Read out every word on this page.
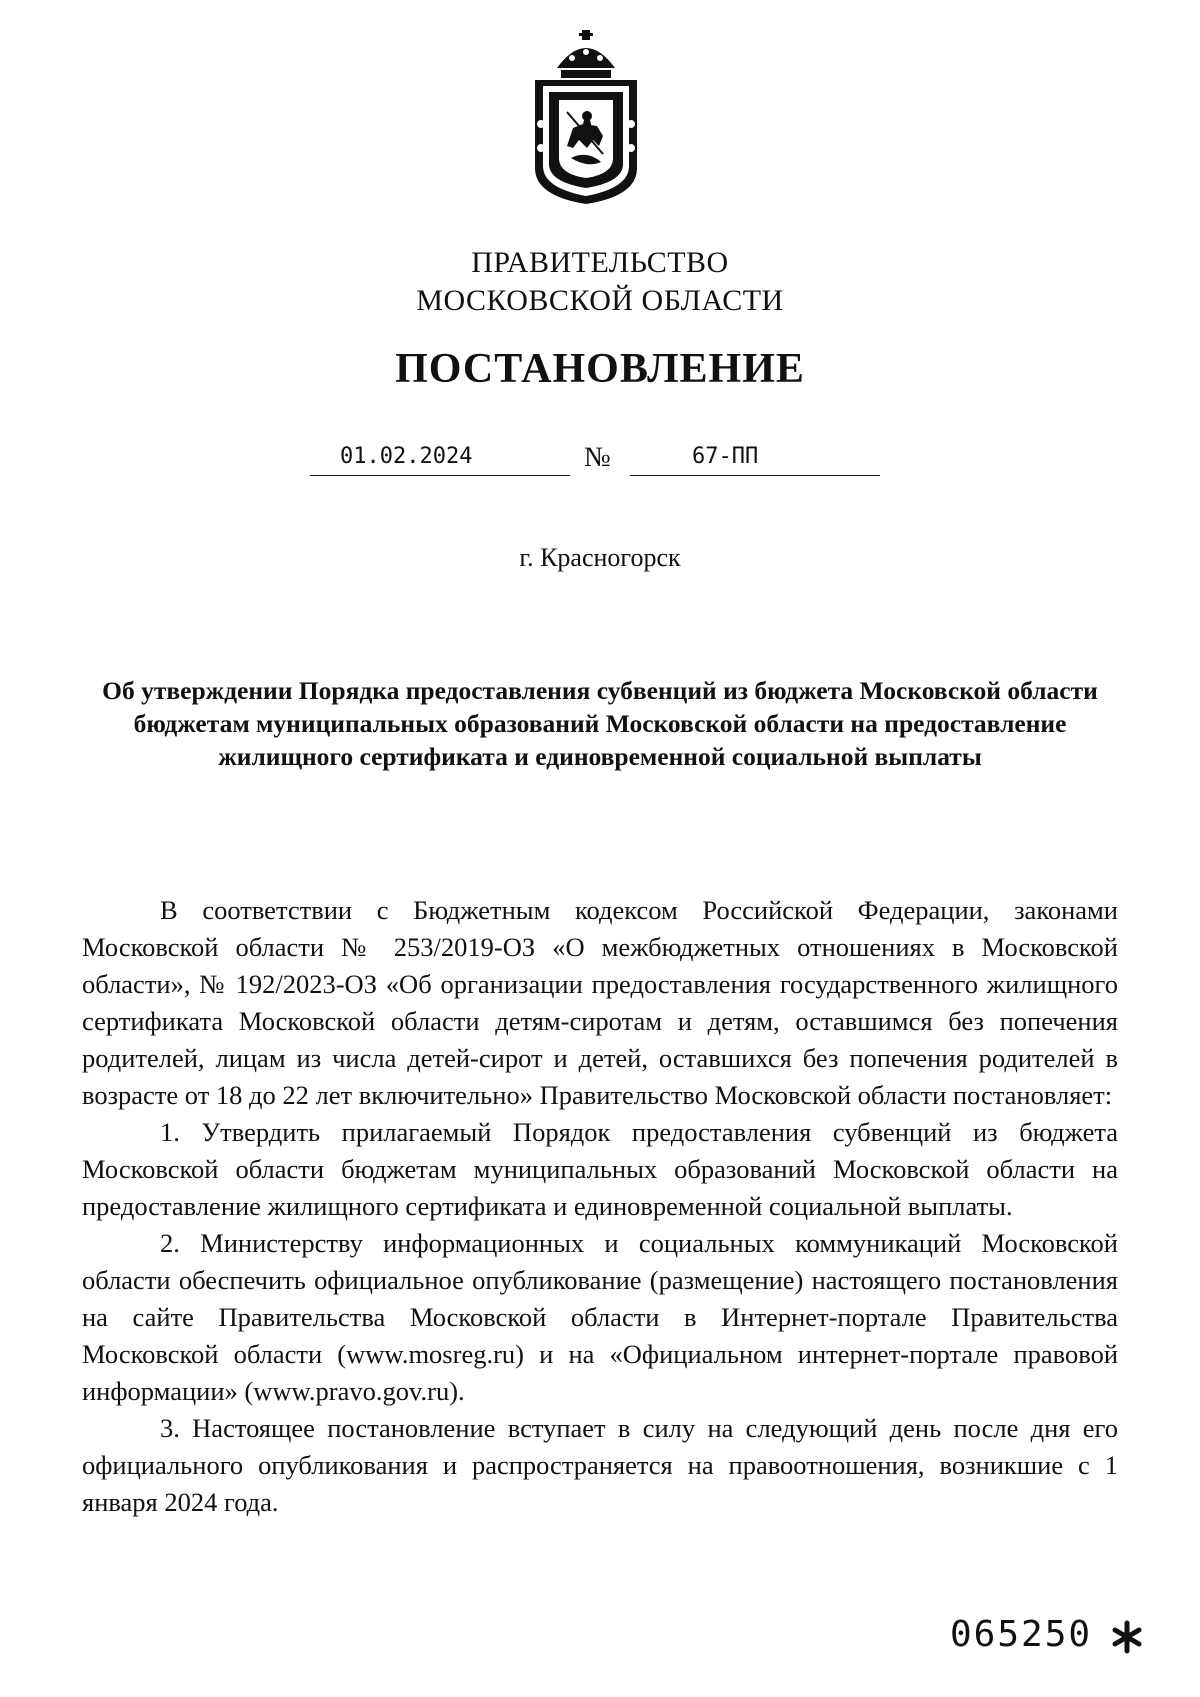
ПРАВИТЕЛЬСТВО
МОСКОВСКОЙ ОБЛАСТИ
ПОСТАНОВЛЕНИЕ
01.02.2024	№	67-ПП
г. Красногорск
Об утверждении Порядка предоставления субвенций из бюджета Московской области бюджетам муниципальных образований Московской области на предоставление жилищного сертификата и единовременной социальной выплаты

В соответствии с Бюджетным кодексом Российской Федерации, законами Московской области № 253/2019-ОЗ «О межбюджетных отношениях в Московской области», № 192/2023-ОЗ «Об организации предоставления государственного жилищного сертификата Московской области детям-сиротам и детям, оставшимся без попечения родителей, лицам из числа детей-сирот и детей, оставшихся без попечения родителей в возрасте от 18 до 22 лет включительно» Правительство Московской области постановляет:

1. Утвердить прилагаемый Порядок предоставления субвенций из бюджета Московской области бюджетам муниципальных образований Московской области на предоставление жилищного сертификата и единовременной социальной выплаты.

2. Министерству информационных и социальных коммуникаций Московской области обеспечить официальное опубликование (размещение) настоящего постановления на сайте Правительства Московской области в Интернет-портале Правительства Московской области (www.mosreg.ru) и на «Официальном интернет-портале правовой информации» (www.pravo.gov.ru).

3. Настоящее постановление вступает в силу на следующий день после дня его официального опубликования и распространяется на правоотношения, возникшие с 1 января 2024 года.

065250
